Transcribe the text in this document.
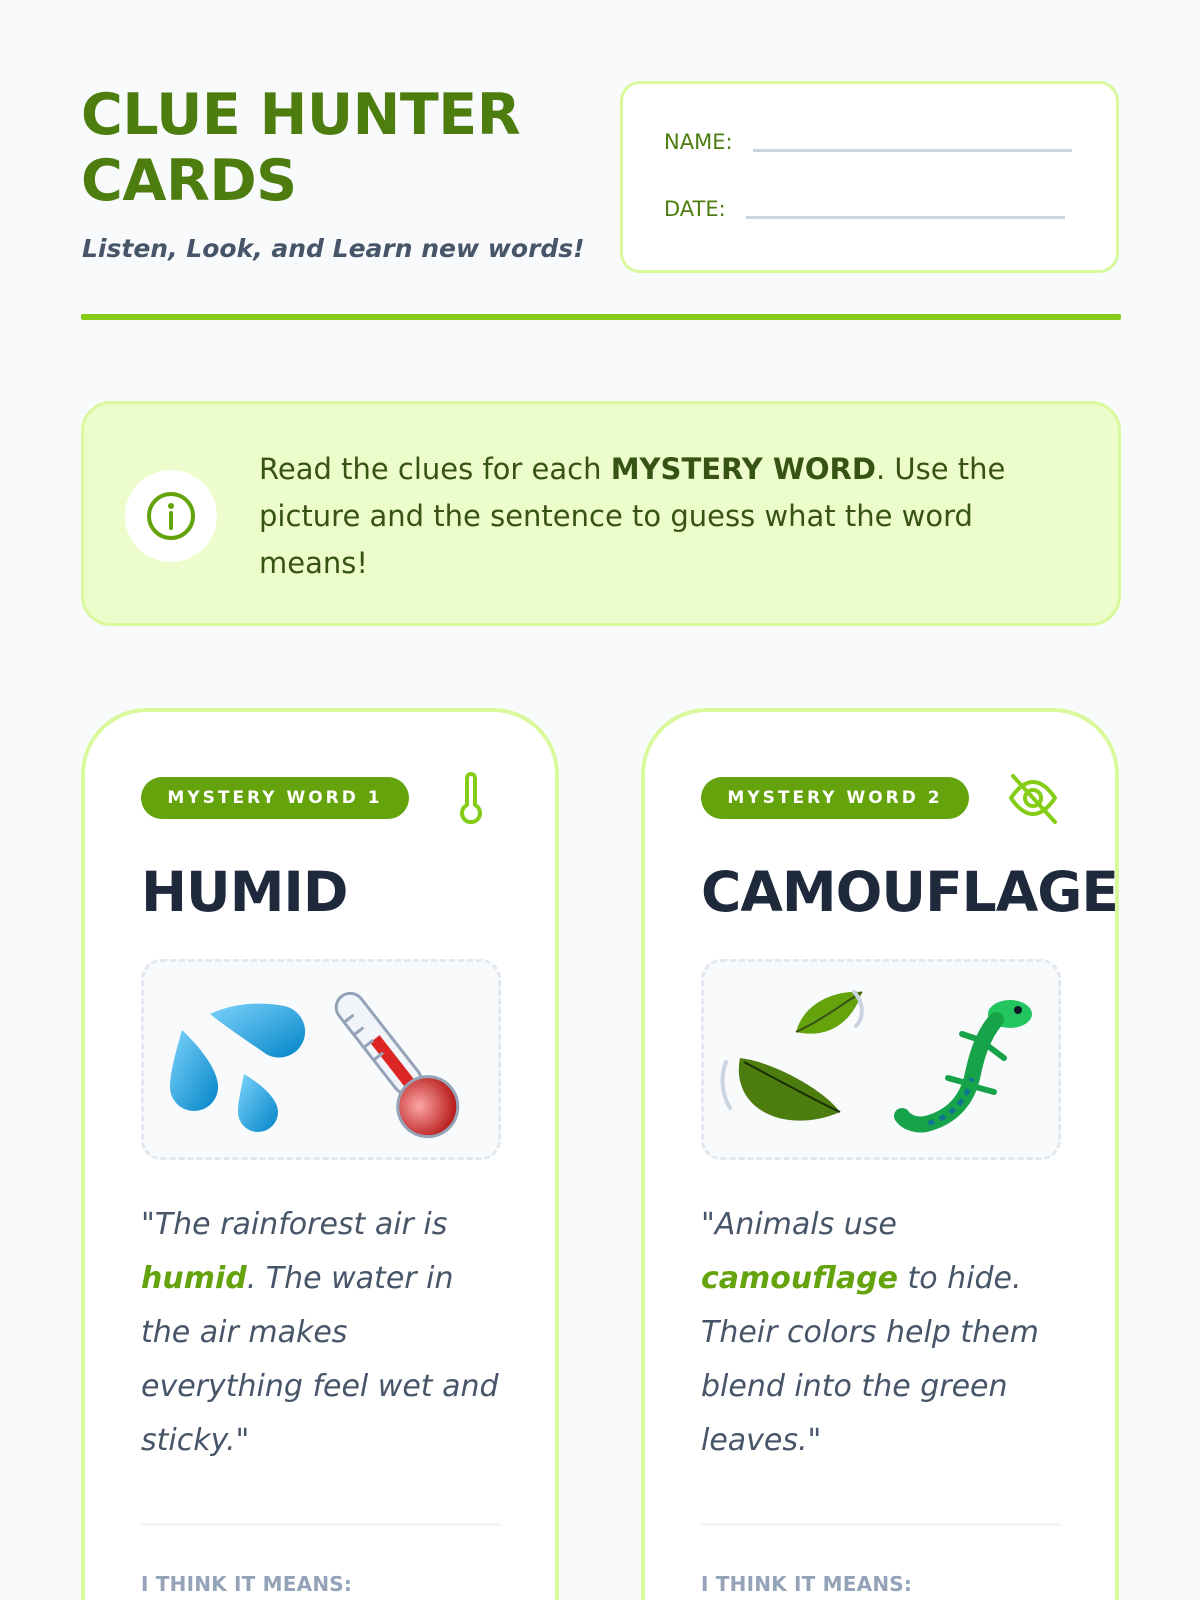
CLUE HUNTER CARDS
Listen, Look, and Learn new words!
NAME:
DATE:
Read the clues for each MYSTERY WORD. Use the picture and the sentence to guess what the word means!
MYSTERY WORD 1
HUMID
"The rainforest air is humid. The water in the air makes everything feel wet and sticky."
I THINK IT MEANS:
MYSTERY WORD 2
CAMOUFLAGE
"Animals use camouflage to hide. Their colors help them blend into the green leaves."
I THINK IT MEANS:
